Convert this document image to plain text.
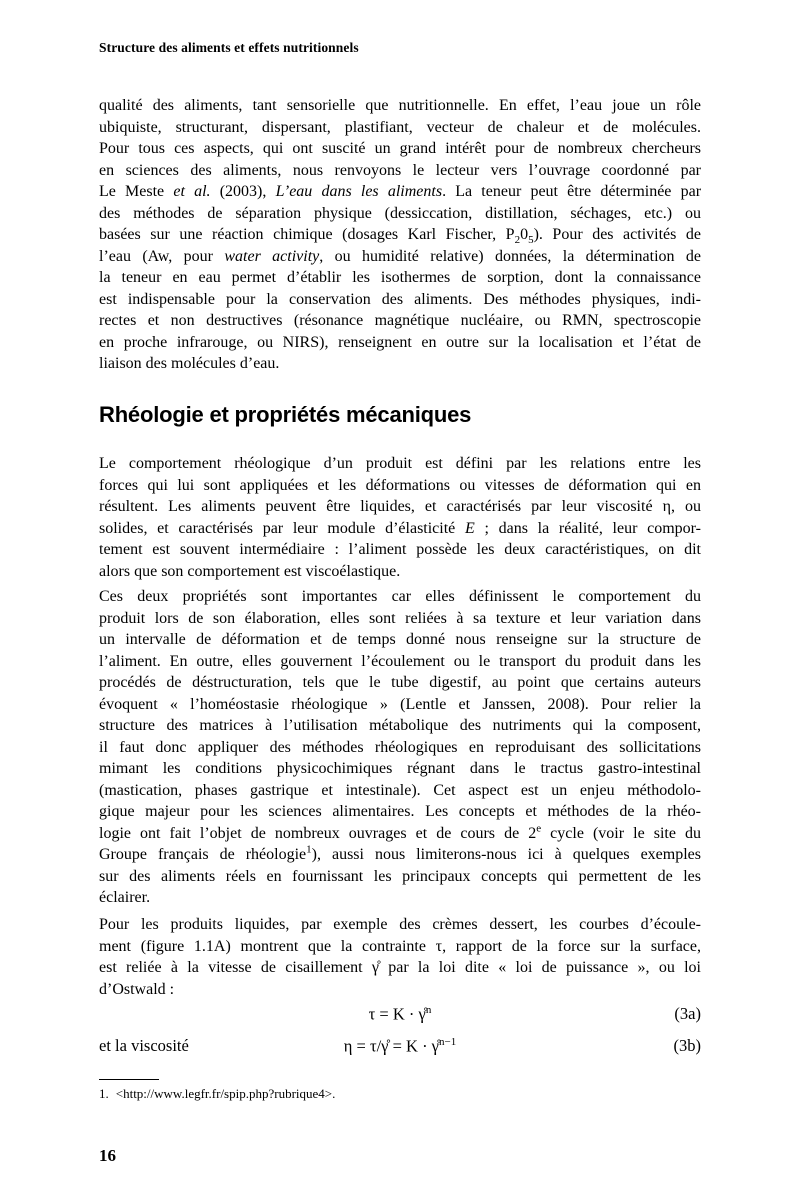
Structure des aliments et effets nutritionnels
qualité des aliments, tant sensorielle que nutritionnelle. En effet, l’eau joue un rôle
ubiquiste, structurant, dispersant, plastifiant, vecteur de chaleur et de molécules.
Pour tous ces aspects, qui ont suscité un grand intérêt pour de nombreux chercheurs
en sciences des aliments, nous renvoyons le lecteur vers l’ouvrage coordonné par
Le Meste et al. (2003), L’eau dans les aliments. La teneur peut être déterminée par
des méthodes de séparation physique (dessiccation, distillation, séchages, etc.) ou
basées sur une réaction chimique (dosages Karl Fischer, $P_20_5$). Pour des activités de
l’eau (Aw, pour water activity, ou humidité relative) données, la détermination de
la teneur en eau permet d’établir les isothermes de sorption, dont la connaissance
est indispensable pour la conservation des aliments. Des méthodes physiques, indi-
rectes et non destructives (résonance magnétique nucléaire, ou RMN, spectroscopie
en proche infrarouge, ou NIRS), renseignent en outre sur la localisation et l’état de
liaison des molécules d’eau.
Rhéologie et propriétés mécaniques
Le comportement rhéologique d’un produit est défini par les relations entre les
forces qui lui sont appliquées et les déformations ou vitesses de déformation qui en
résultent. Les aliments peuvent être liquides, et caractérisés par leur viscosité η, ou
solides, et caractérisés par leur module d’élasticité E ; dans la réalité, leur compor-
tement est souvent intermédiaire : l’aliment possède les deux caractéristiques, on dit
alors que son comportement est viscoélastique.
Ces deux propriétés sont importantes car elles définissent le comportement du
produit lors de son élaboration, elles sont reliées à sa texture et leur variation dans
un intervalle de déformation et de temps donné nous renseigne sur la structure de
l’aliment. En outre, elles gouvernent l’écoulement ou le transport du produit dans les
procédés de déstructuration, tels que le tube digestif, au point que certains auteurs
évoquent « l’homéostasie rhéologique » (Lentle et Janssen, 2008). Pour relier la
structure des matrices à l’utilisation métabolique des nutriments qui la composent,
il faut donc appliquer des méthodes rhéologiques en reproduisant des sollicitations
mimant les conditions physicochimiques régnant dans le tractus gastro-intestinal
(mastication, phases gastrique et intestinale). Cet aspect est un enjeu méthodolo-
gique majeur pour les sciences alimentaires. Les concepts et méthodes de la rhéo-
logie ont fait l’objet de nombreux ouvrages et de cours de 2e cycle (voir le site du
Groupe français de rhéologie$^1$), aussi nous limiterons-nous ici à quelques exemples
sur des aliments réels en fournissant les principaux concepts qui permettent de les
éclairer.
Pour les produits liquides, par exemple des crèmes dessert, les courbes d’écoule-
ment (figure 1.1A) montrent que la contrainte τ, rapport de la force sur la surface,
est reliée à la vitesse de cisaillement γ̊ par la loi dite « loi de puissance », ou loi
d’Ostwald :
τ = K · γ̊$^n$	(3a)
et la viscosité	η = τ/γ̊ = K · γ̊$^{n-1}$	(3b)
1. <http://www.legfr.fr/spip.php?rubrique4>.
16
